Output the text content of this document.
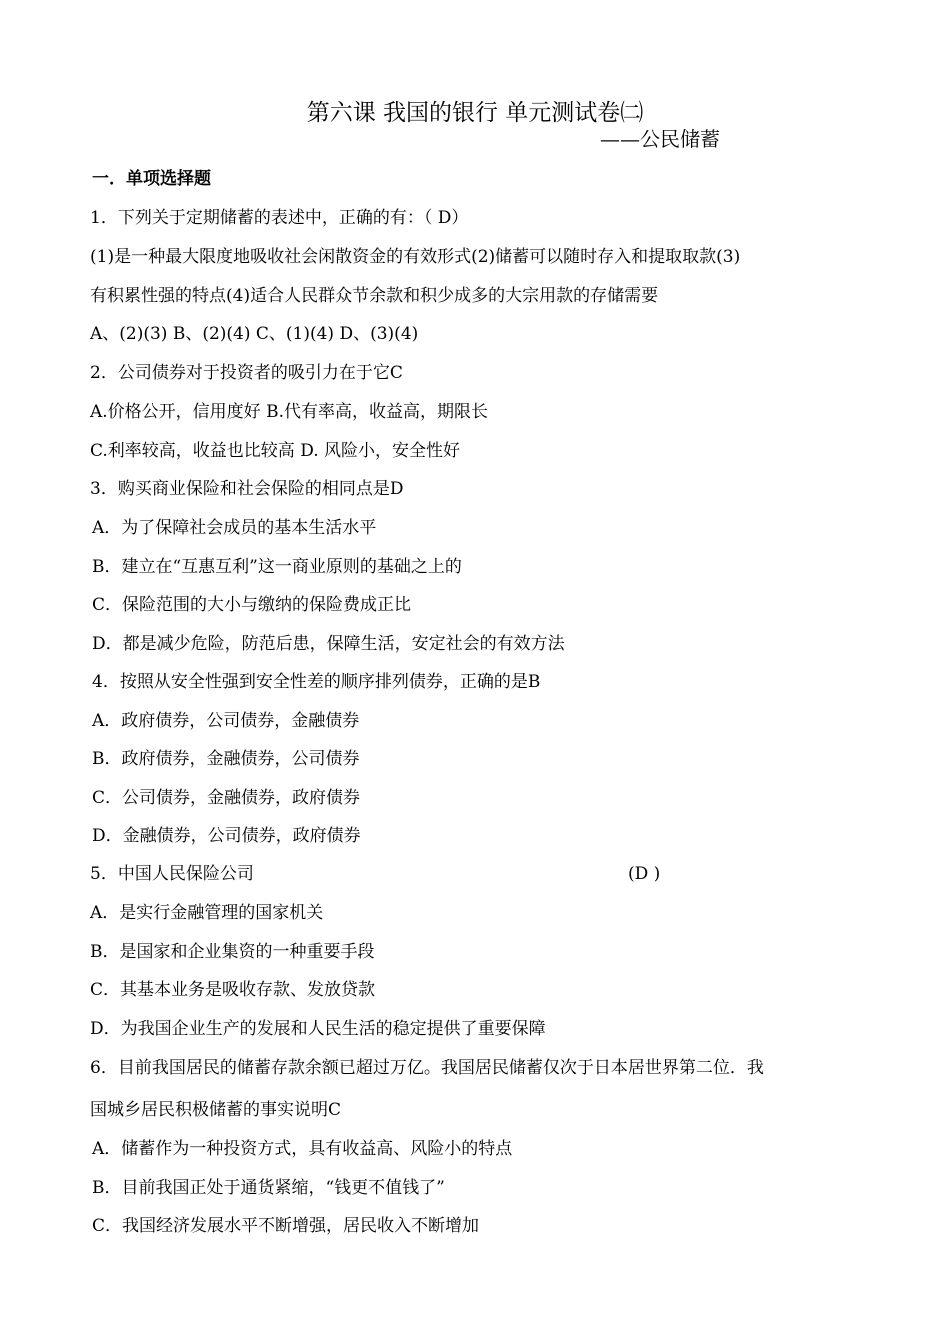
第六课 我国的银行 单元测试卷㈡
——公民储蓄
一．单项选择题
1．下列关于定期储蓄的表述中，正确的有：（ D）
(1)是一种最大限度地吸收社会闲散资金的有效形式(2)储蓄可以随时存入和提取取款(3)
有积累性强的特点(4)适合人民群众节余款和积少成多的大宗用款的存储需要
A、(2)(3) B、(2)(4) C、(1)(4) D、(3)(4)
2．公司债券对于投资者的吸引力在于它C
A.价格公开，信用度好 B.代有率高，收益高，期限长
C.利率较高，收益也比较高 D. 风险小，安全性好
3．购买商业保险和社会保险的相同点是D
A．为了保障社会成员的基本生活水平
B．建立在“互惠互利”这一商业原则的基础之上的
C．保险范围的大小与缴纳的保险费成正比
D．都是减少危险，防范后患，保障生活，安定社会的有效方法
4．按照从安全性强到安全性差的顺序排列债券，正确的是B
A．政府债券，公司债券，金融债券
B．政府债券，金融债券，公司债券
C．公司债券，金融债券，政府债券
D．金融债券，公司债券，政府债券
5．中国人民保险公司	(D )
A．是实行金融管理的国家机关
B．是国家和企业集资的一种重要手段
C．其基本业务是吸收存款、发放贷款
D．为我国企业生产的发展和人民生活的稳定提供了重要保障
6．目前我国居民的储蓄存款余额已超过万亿。我国居民储蓄仅次于日本居世界第二位．我
国城乡居民积极储蓄的事实说明C
A．储蓄作为一种投资方式，具有收益高、风险小的特点
B．目前我国正处于通货紧缩，“钱更不值钱了”
C．我国经济发展水平不断增强，居民收入不断增加
